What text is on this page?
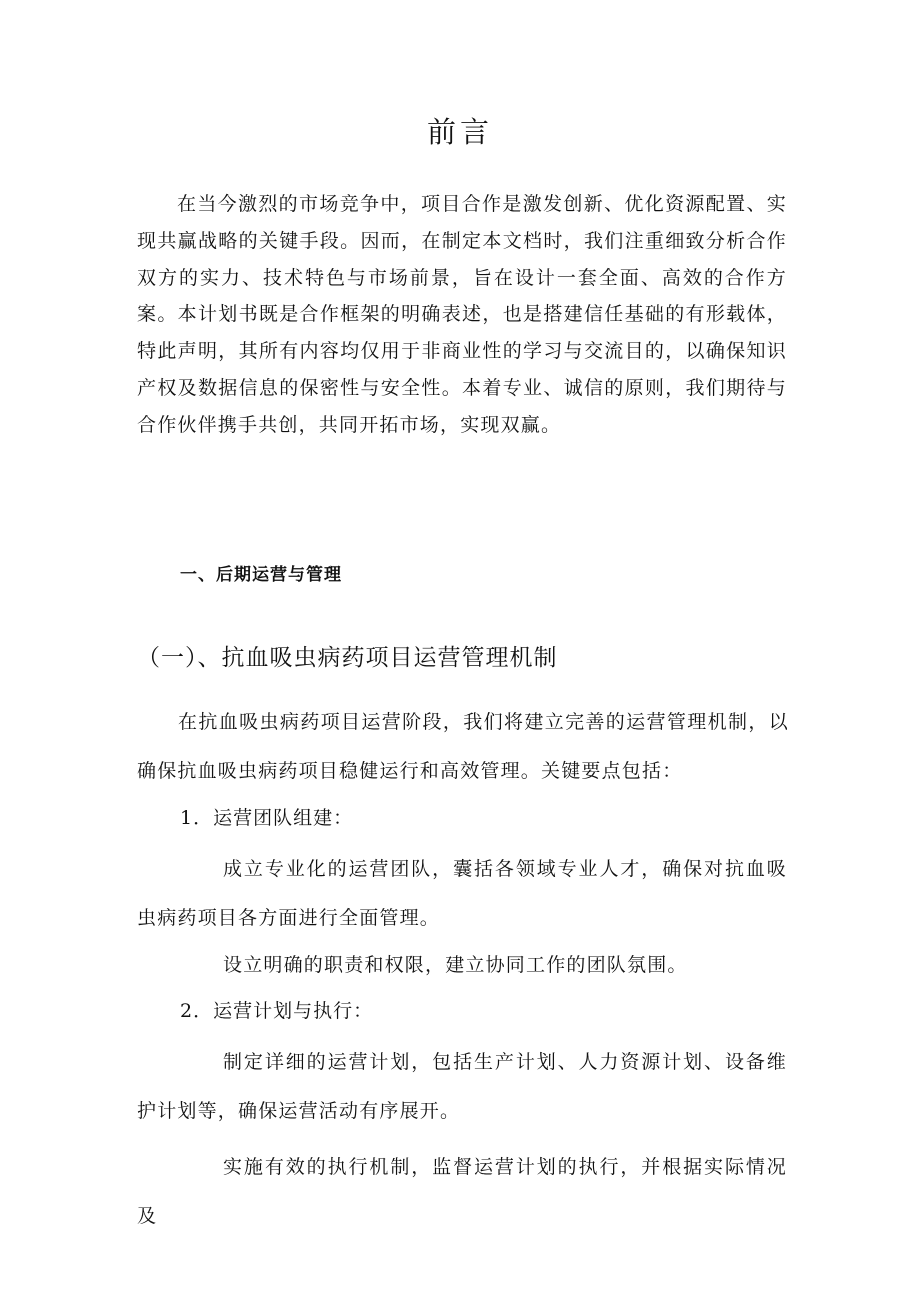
前言

在当今激烈的市场竞争中，项目合作是激发创新、优化资源配置、实现共赢战略的关键手段。因而，在制定本文档时，我们注重细致分析合作双方的实力、技术特色与市场前景，旨在设计一套全面、高效的合作方案。本计划书既是合作框架的明确表述，也是搭建信任基础的有形载体，特此声明，其所有内容均仅用于非商业性的学习与交流目的，以确保知识产权及数据信息的保密性与安全性。本着专业、诚信的原则，我们期待与合作伙伴携手共创，共同开拓市场，实现双赢。

一、后期运营与管理
（一）、抗血吸虫病药项目运营管理机制

在抗血吸虫病药项目运营阶段，我们将建立完善的运营管理机制，以确保抗血吸虫病药项目稳健运行和高效管理。关键要点包括：

1．运营团队组建：

成立专业化的运营团队，囊括各领域专业人才，确保对抗血吸虫病药项目各方面进行全面管理。

设立明确的职责和权限，建立协同工作的团队氛围。

2．运营计划与执行：

制定详细的运营计划，包括生产计划、人力资源计划、设备维护计划等，确保运营活动有序展开。

实施有效的执行机制，监督运营计划的执行，并根据实际情况及
